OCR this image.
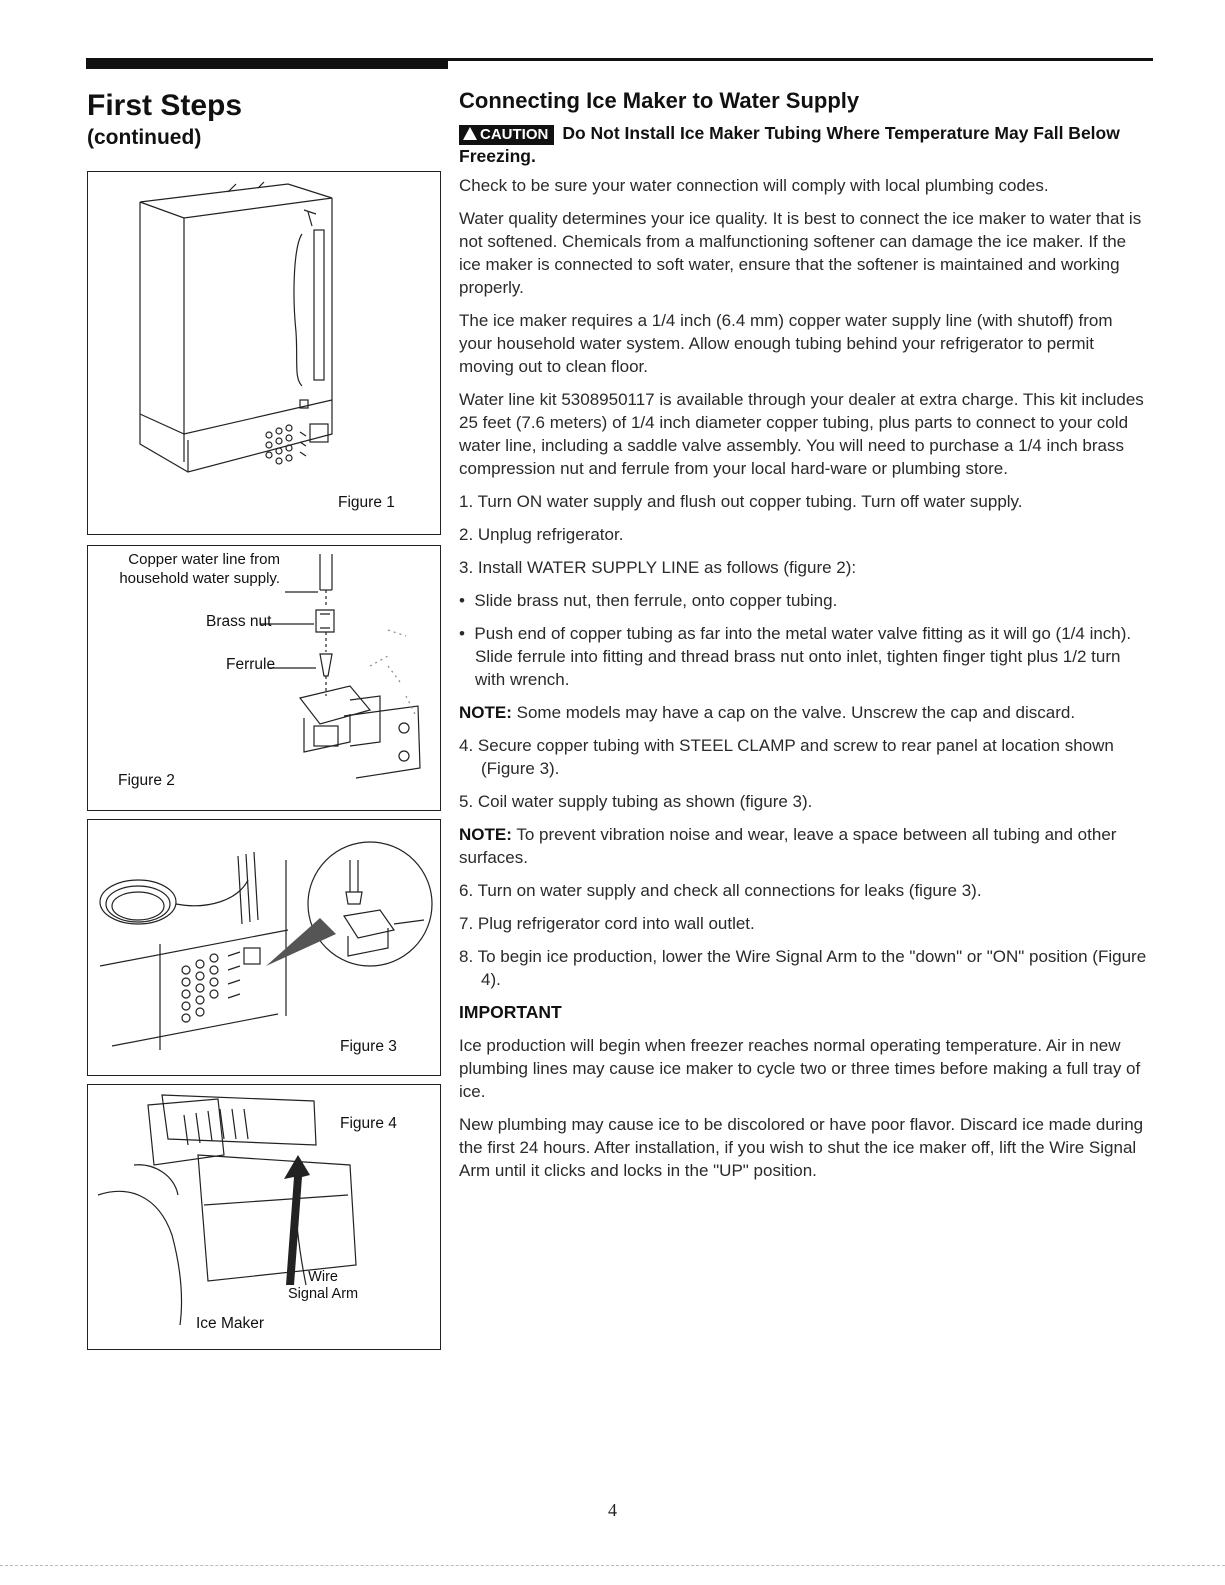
First Steps
(continued)
Figure 1
Copper water line from
household water supply.
Brass nut
Ferrule
Figure 2
Figure 3
Figure 4
Wire
Signal Arm
Ice Maker
Connecting Ice Maker to Water Supply

CAUTION Do Not Install Ice Maker Tubing Where Temperature May Fall Below Freezing.

Check to be sure your water connection will comply with local plumbing codes.

Water quality determines your ice quality. It is best to connect the ice maker to water that is not softened. Chemicals from a malfunctioning softener can damage the ice maker. If the ice maker is connected to soft water, ensure that the softener is maintained and working properly.

The ice maker requires a 1/4 inch (6.4 mm) copper water supply line (with shutoff) from your household water system. Allow enough tubing behind your refrigerator to permit moving out to clean floor.

Water line kit 5308950117 is available through your dealer at extra charge. This kit includes 25 feet (7.6 meters) of 1/4 inch diameter copper tubing, plus parts to connect to your cold water line, including a saddle valve assembly. You will need to purchase a 1/4 inch brass compression nut and ferrule from your local hard-ware or plumbing store.

1. Turn ON water supply and flush out copper tubing. Turn off water supply.

2. Unplug refrigerator.

3. Install WATER SUPPLY LINE as follows (figure 2):

•  Slide brass nut, then ferrule, onto copper tubing.

•  Push end of copper tubing as far into the metal water valve fitting as it will go (1/4 inch). Slide ferrule into fitting and thread brass nut onto inlet, tighten finger tight plus 1/2 turn with wrench.

NOTE: Some models may have a cap on the valve. Unscrew the cap and discard.

4. Secure copper tubing with STEEL CLAMP and screw to rear panel at location shown (Figure 3).

5. Coil water supply tubing as shown (figure 3).

NOTE: To prevent vibration noise and wear, leave a space between all tubing and other surfaces.

6. Turn on water supply and check all connections for leaks (figure 3).

7. Plug refrigerator cord into wall outlet.

8. To begin ice production, lower the Wire Signal Arm to the "down" or "ON" position (Figure 4).

IMPORTANT

Ice production will begin when freezer reaches normal operating temperature. Air in new plumbing lines may cause ice maker to cycle two or three times before making a full tray of ice.

New plumbing may cause ice to be discolored or have poor flavor. Discard ice made during the first 24 hours. After installation, if you wish to shut the ice maker off, lift the Wire Signal Arm until it clicks and locks in the "UP" position.

4
